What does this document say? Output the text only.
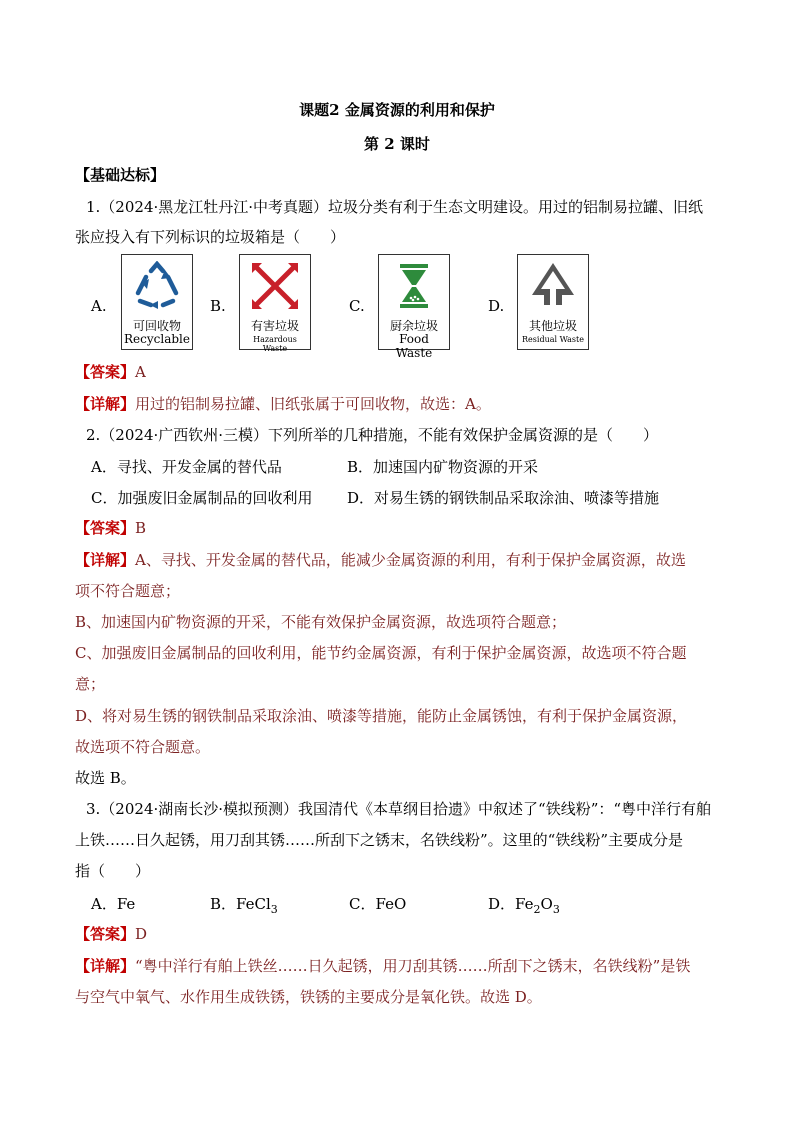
课题2 金属资源的利用和保护
第 2 课时
【基础达标】
1.（2024·黑龙江牡丹江·中考真题）垃圾分类有利于生态文明建设。用过的铝制易拉罐、旧纸
张应投入有下列标识的垃圾箱是（　　）
A.
可回收物
Recyclable
B.
有害垃圾
Hazardous Waste
C.
厨余垃圾
Food Waste
D.
其他垃圾
Residual Waste
【答案】A
【详解】用过的铝制易拉罐、旧纸张属于可回收物，故选：A。
2.（2024·广西钦州·三模）下列所举的几种措施，不能有效保护金属资源的是（　　）
A．寻找、开发金属的替代品	B．加速国内矿物资源的开采
C．加强废旧金属制品的回收利用 D．对易生锈的钢铁制品采取涂油、喷漆等措施
【答案】B
【详解】A、寻找、开发金属的替代品，能减少金属资源的利用，有利于保护金属资源，故选
项不符合题意；
B、加速国内矿物资源的开采，不能有效保护金属资源，故选项符合题意；
C、加强废旧金属制品的回收利用，能节约金属资源，有利于保护金属资源，故选项不符合题
意；
D、将对易生锈的钢铁制品采取涂油、喷漆等措施，能防止金属锈蚀，有利于保护金属资源，
故选项不符合题意。
故选 B。
3.（2024·湖南长沙·模拟预测）我国清代《本草纲目拾遗》中叙述了“铁线粉”：“粤中洋行有舶
上铁……日久起锈，用刀刮其锈……所刮下之锈末，名铁线粉”。这里的“铁线粉”主要成分是
指（　　）
A．Fe	B．FeCl$_3$	C．FeO	D．$Fe_2O_3$
【答案】D
【详解】“粤中洋行有舶上铁丝……日久起锈，用刀刮其锈……所刮下之锈末，名铁线粉”是铁
与空气中氧气、水作用生成铁锈，铁锈的主要成分是氧化铁。故选 D。
